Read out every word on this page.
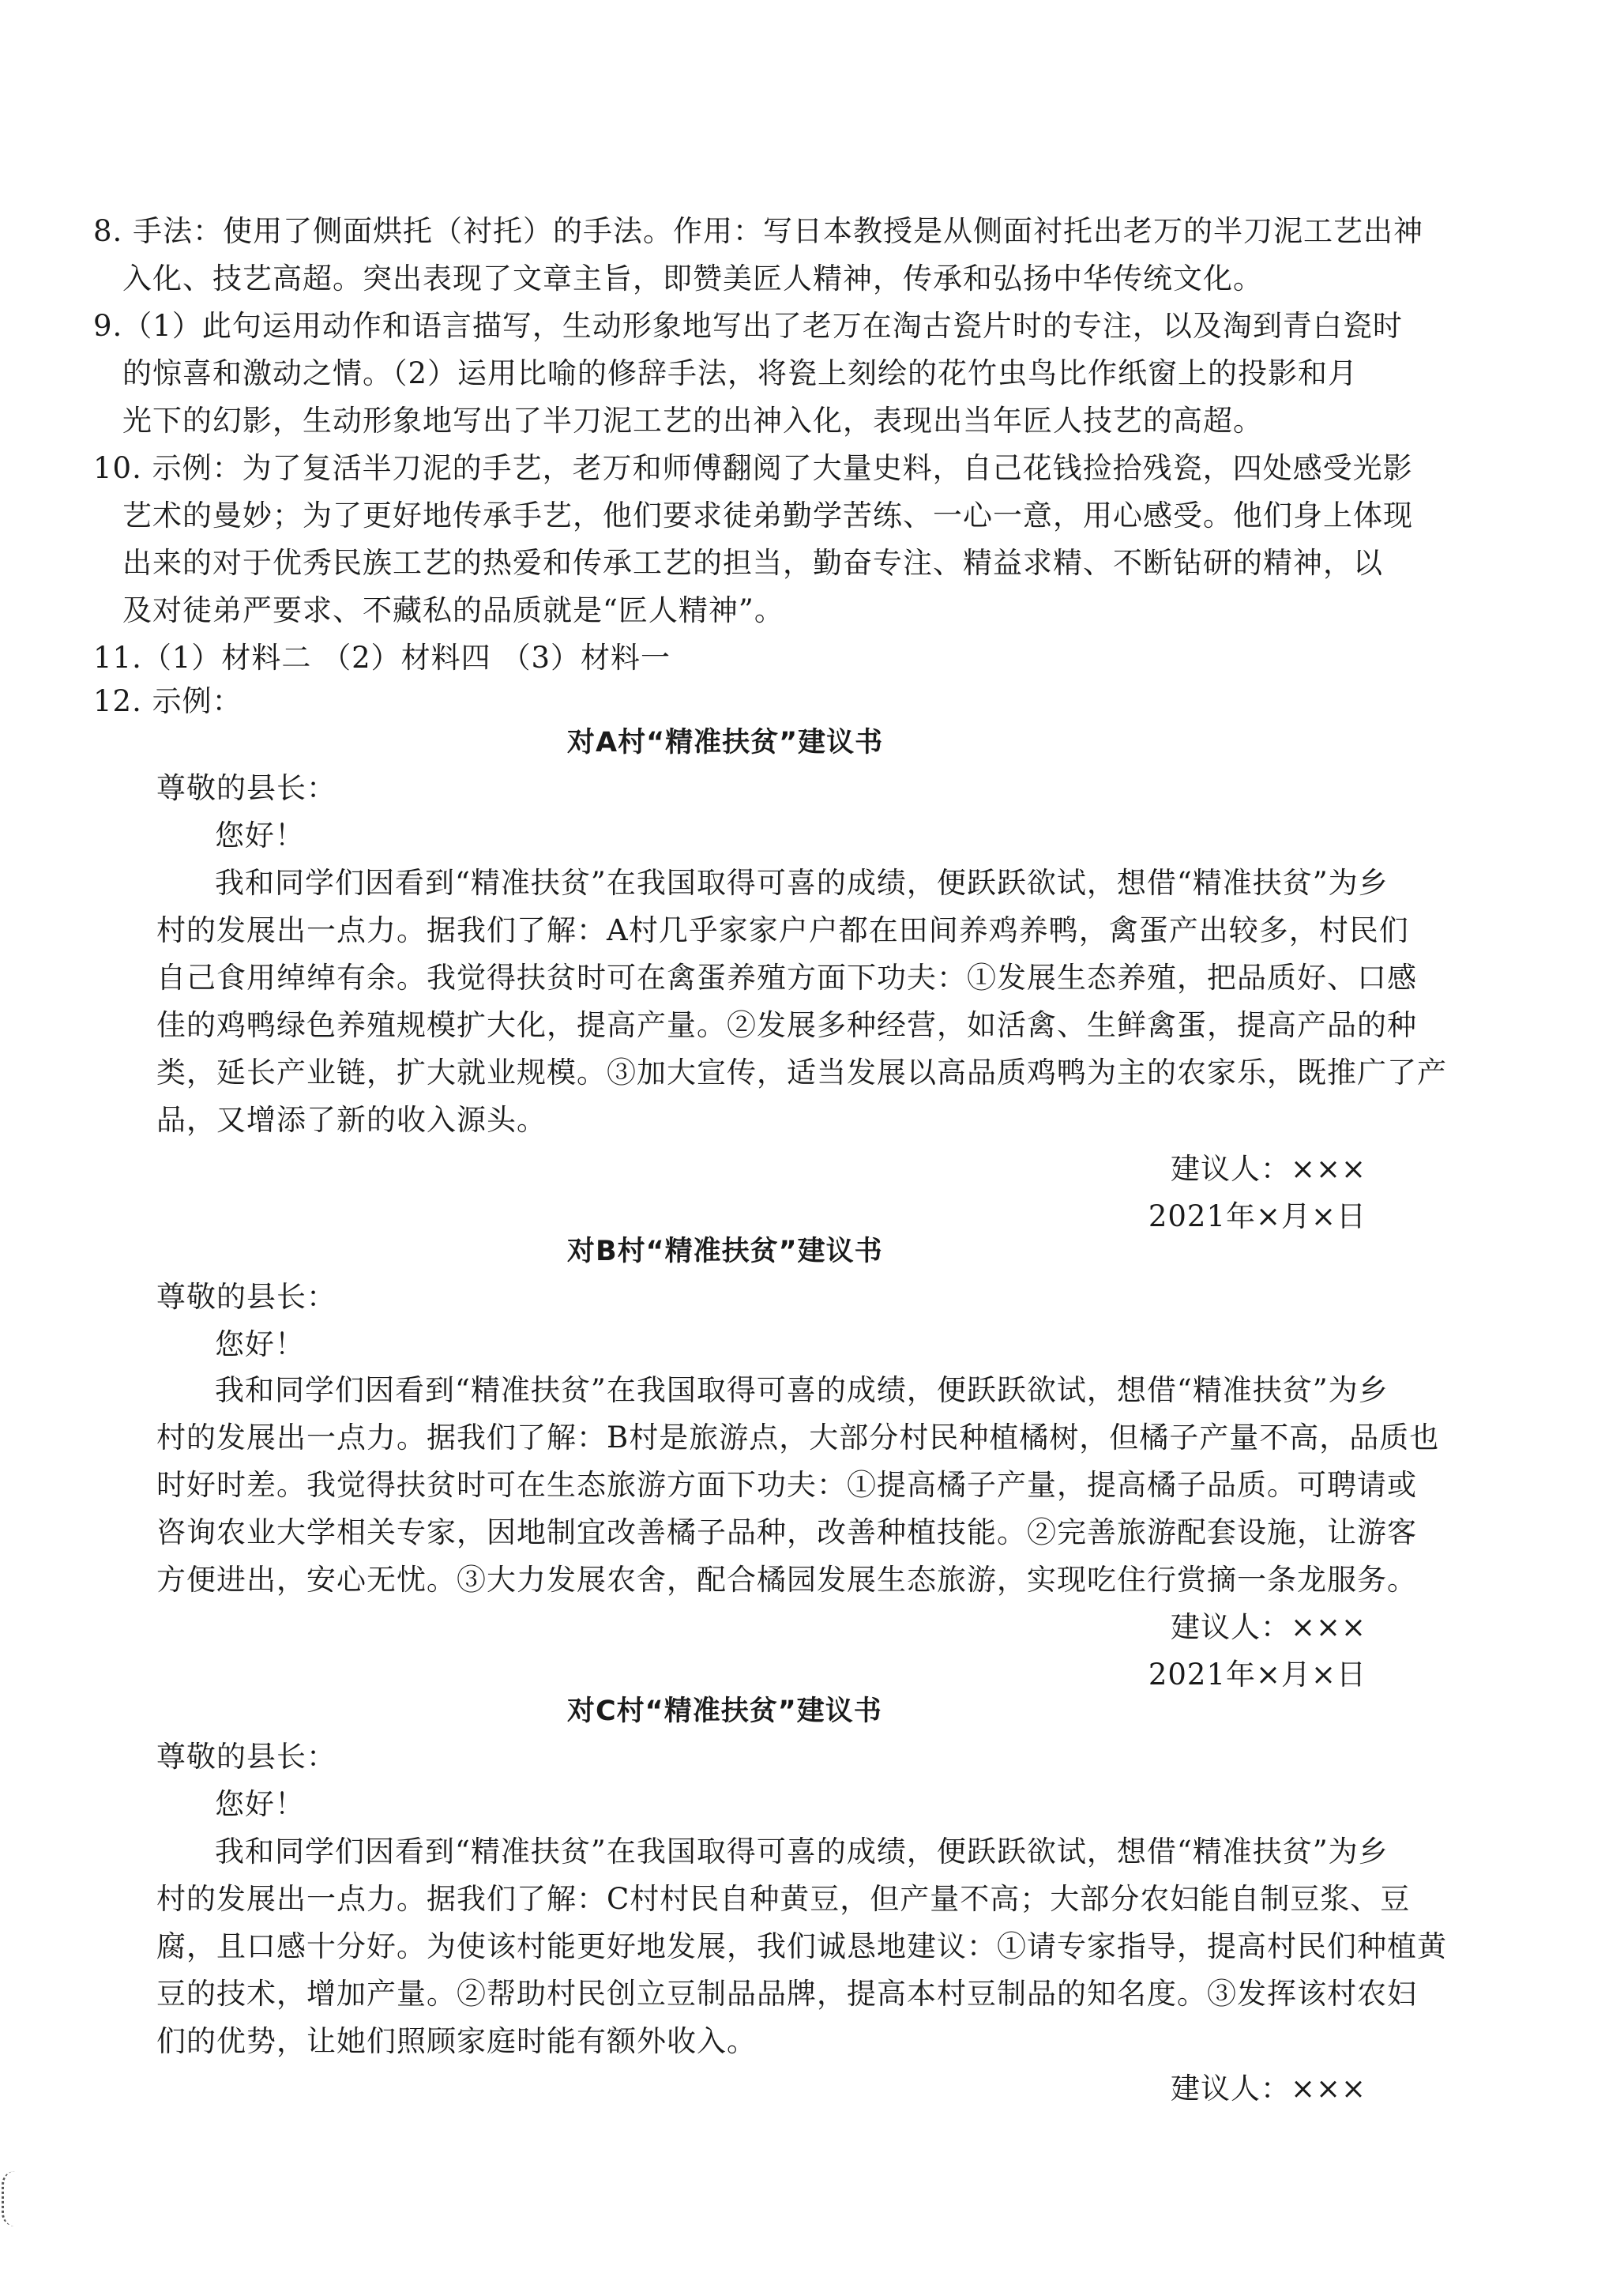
8. 手法：使用了侧面烘托（衬托）的手法。作用：写日本教授是从侧面衬托出老万的半刀泥工艺出神
入化、技艺高超。突出表现了文章主旨，即赞美匠人精神，传承和弘扬中华传统文化。
9.（1）此句运用动作和语言描写，生动形象地写出了老万在淘古瓷片时的专注，以及淘到青白瓷时
的惊喜和激动之情。（2）运用比喻的修辞手法，将瓷上刻绘的花竹虫鸟比作纸窗上的投影和月
光下的幻影，生动形象地写出了半刀泥工艺的出神入化，表现出当年匠人技艺的高超。
10. 示例：为了复活半刀泥的手艺，老万和师傅翻阅了大量史料，自己花钱捡拾残瓷，四处感受光影
艺术的曼妙；为了更好地传承手艺，他们要求徒弟勤学苦练、一心一意，用心感受。他们身上体现
出来的对于优秀民族工艺的热爱和传承工艺的担当，勤奋专注、精益求精、不断钻研的精神，以
及对徒弟严要求、不藏私的品质就是“匠人精神”。
11.（1）材料二 （2）材料四 （3）材料一
12. 示例：
对A村“精准扶贫”建议书
尊敬的县长：
您好！
我和同学们因看到“精准扶贫”在我国取得可喜的成绩，便跃跃欲试，想借“精准扶贫”为乡
村的发展出一点力。据我们了解：A村几乎家家户户都在田间养鸡养鸭，禽蛋产出较多，村民们
自己食用绰绰有余。我觉得扶贫时可在禽蛋养殖方面下功夫：①发展生态养殖，把品质好、口感
佳的鸡鸭绿色养殖规模扩大化，提高产量。②发展多种经营，如活禽、生鲜禽蛋，提高产品的种
类，延长产业链，扩大就业规模。③加大宣传，适当发展以高品质鸡鸭为主的农家乐，既推广了产
品，又增添了新的收入源头。
建议人：×××
2021年×月×日
对B村“精准扶贫”建议书
尊敬的县长：
您好！
我和同学们因看到“精准扶贫”在我国取得可喜的成绩，便跃跃欲试，想借“精准扶贫”为乡
村的发展出一点力。据我们了解：B村是旅游点，大部分村民种植橘树，但橘子产量不高，品质也
时好时差。我觉得扶贫时可在生态旅游方面下功夫：①提高橘子产量，提高橘子品质。可聘请或
咨询农业大学相关专家，因地制宜改善橘子品种，改善种植技能。②完善旅游配套设施，让游客
方便进出，安心无忧。③大力发展农舍，配合橘园发展生态旅游，实现吃住行赏摘一条龙服务。
建议人：×××
2021年×月×日
对C村“精准扶贫”建议书
尊敬的县长：
您好！
我和同学们因看到“精准扶贫”在我国取得可喜的成绩，便跃跃欲试，想借“精准扶贫”为乡
村的发展出一点力。据我们了解：C村村民自种黄豆，但产量不高；大部分农妇能自制豆浆、豆
腐，且口感十分好。为使该村能更好地发展，我们诚恳地建议：①请专家指导，提高村民们种植黄
豆的技术，增加产量。②帮助村民创立豆制品品牌，提高本村豆制品的知名度。③发挥该村农妇
们的优势，让她们照顾家庭时能有额外收入。
建议人：×××
